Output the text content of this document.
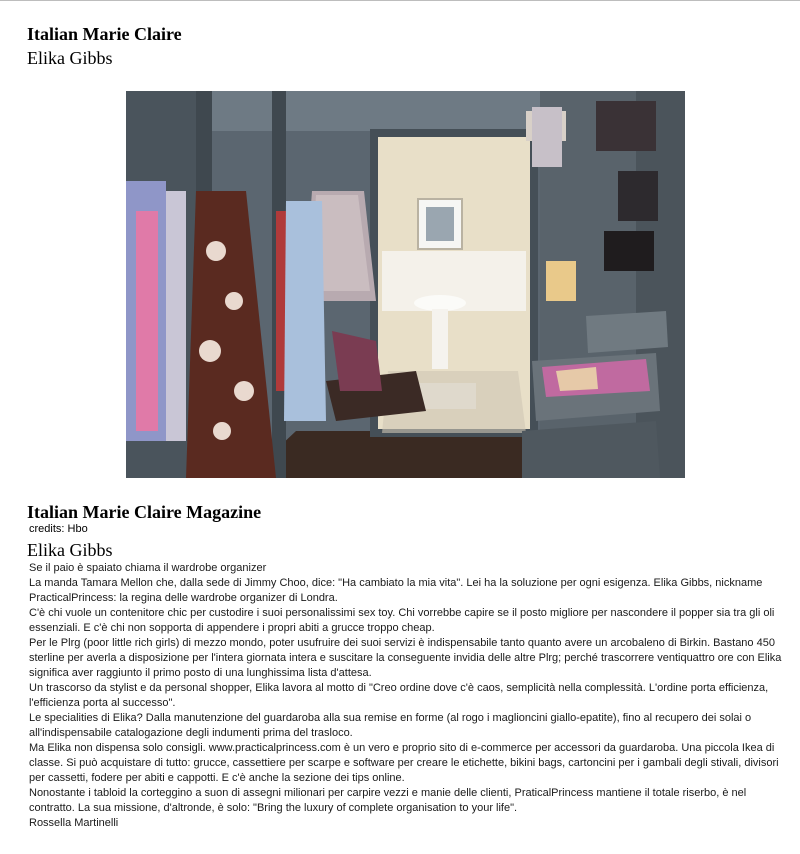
Italian Marie Claire
Elika Gibbs
Italian Marie Claire Magazine
credits: Hbo
Elika Gibbs

Se il paio è spaiato chiama il wardrobe organizer

La manda Tamara Mellon che, dalla sede di Jimmy Choo, dice: "Ha cambiato la mia vita". Lei ha la soluzione per ogni esigenza. Elika Gibbs, nickname PracticalPrincess: la regina delle wardrobe organizer di Londra.

C'è chi vuole un contenitore chic per custodire i suoi personalissimi sex toy. Chi vorrebbe capire se il posto migliore per nascondere il popper sia tra gli oli essenziali. E c'è chi non sopporta di appendere i propri abiti a grucce troppo cheap.

Per le Plrg (poor little rich girls) di mezzo mondo, poter usufruire dei suoi servizi è indispensabile tanto quanto avere un arcobaleno di Birkin. Bastano 450 sterline per averla a disposizione per l'intera giornata intera e suscitare la conseguente invidia delle altre Plrg; perché trascorrere ventiquattro ore con Elika significa aver raggiunto il primo posto di una lunghissima lista d'attesa.

Un trascorso da stylist e da personal shopper, Elika lavora al motto di "Creo ordine dove c'è caos, semplicità nella complessità. L'ordine porta efficienza, l'efficienza porta al successo".

Le specialities di Elika? Dalla manutenzione del guardaroba alla sua remise en forme (al rogo i maglioncini giallo-epatite), fino al recupero dei solai o all'indispensabile catalogazione degli indumenti prima del trasloco.

Ma Elika non dispensa solo consigli. www.practicalprincess.com è un vero e proprio sito di e-commerce per accessori da guardaroba. Una piccola Ikea di classe. Si può acquistare di tutto: grucce, cassettiere per scarpe e software per creare le etichette, bikini bags, cartoncini per i gambali degli stivali, divisori per cassetti, fodere per abiti e cappotti. E c'è anche la sezione dei tips online.

Nonostante i tabloid la corteggino a suon di assegni milionari per carpire vezzi e manie delle clienti, PraticalPrincess mantiene il totale riserbo, è nel contratto. La sua missione, d'altronde, è solo: "Bring the luxury of complete organisation to your life".

Rossella Martinelli
